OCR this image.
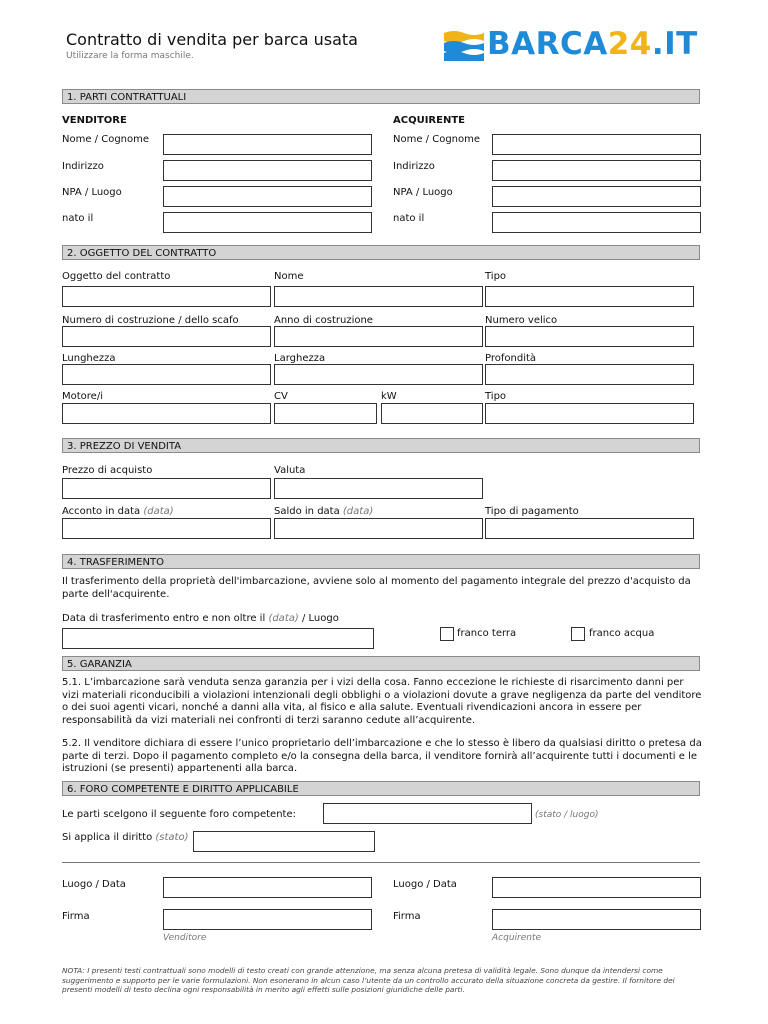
Contratto di vendita per barca usata
Utilizzare la forma maschile.	BARCA24.IT
1. PARTI CONTRATTUALI
VENDITORE	ACQUIRENTE
Nome / Cognome	Nome / Cognome
Indirizzo	Indirizzo
NPA / Luogo	NPA / Luogo
nato il	nato il
2. OGGETTO DEL CONTRATTO
Oggetto del contratto	Nome	Tipo
Numero di costruzione / dello scafo	Anno di costruzione	Numero velico
Lunghezza	Larghezza	Profondità
Motore/i	CV	kW	Tipo
3. PREZZO DI VENDITA
Prezzo di acquisto	Valuta
Acconto in data (data)	Saldo in data (data)	Tipo di pagamento
4. TRASFERIMENTO
Il trasferimento della proprietà dell'imbarcazione, avviene solo al momento del pagamento integrale del prezzo d'acquisto da parte dell'acquirente.
Data di trasferimento entro e non oltre il (data) / Luogo
franco terra	franco acqua
5. GARANZIA
5.1. L’imbarcazione sarà venduta senza garanzia per i vizi della cosa. Fanno eccezione le richieste di risarcimento danni per vizi materiali riconducibili a violazioni intenzionali degli obblighi o a violazioni dovute a grave negligenza da parte del venditore o dei suoi agenti vicari, nonché a danni alla vita, al fisico e alla salute. Eventuali rivendicazioni ancora in essere per responsabilità da vizi materiali nei confronti di terzi saranno cedute all’acquirente.
5.2. Il venditore dichiara di essere l’unico proprietario dell’imbarcazione e che lo stesso è libero da qualsiasi diritto o pretesa da parte di terzi. Dopo il pagamento completo e/o la consegna della barca, il venditore fornirà all’acquirente tutti i documenti e le istruzioni (se presenti) appartenenti alla barca.
6. FORO COMPETENTE E DIRITTO APPLICABILE
Le parti scelgono il seguente foro competente:	(stato / luogo)
Si applica il diritto (stato)
Luogo / Data	Luogo / Data
Firma	Firma
Venditore	Acquirente
NOTA: I presenti testi contrattuali sono modelli di testo creati con grande attenzione, ma senza alcuna pretesa di validità legale. Sono dunque da intendersi come suggerimento e supporto per le varie formulazioni. Non esonerano in alcun caso l’utente da un controllo accurato della situazione concreta da gestire. Il fornitore dei presenti modelli di testo declina ogni responsabilità in merito agli effetti sulle posizioni giuridiche delle parti.
